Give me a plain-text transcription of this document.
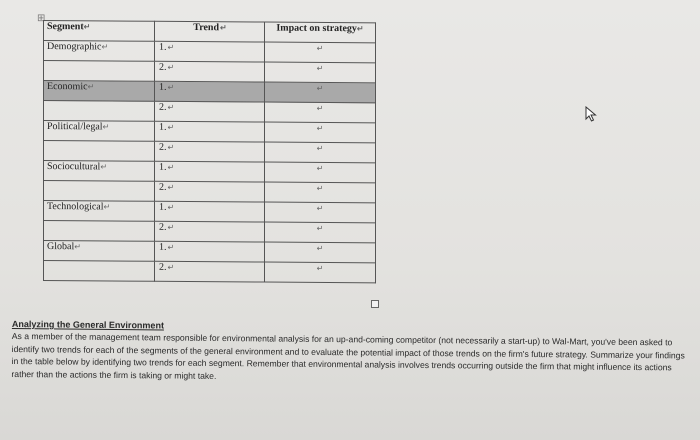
⊞
Segment↵	Trend↵	Impact on strategy↵
Demographic↵	1.↵	↵
	2.↵	↵
Economic↵	1.↵	↵
	2.↵	↵
Political/legal↵	1.↵	↵
	2.↵	↵
Sociocultural↵	1.↵	↵
	2.↵	↵
Technological↵	1.↵	↵
	2.↵	↵
Global↵	1.↵	↵
	2.↵	↵

Analyzing the General Environment

As a member of the management team responsible for environmental analysis for an up-and-coming competitor (not necessarily a start-up) to Wal-Mart, you've been asked to identify two trends for each of the segments of the general environment and to evaluate the potential impact of those trends on the firm's future strategy. Summarize your findings in the table below by identifying two trends for each segment. Remember that environmental analysis involves trends occurring outside the firm that might influence its actions rather than the actions the firm is taking or might take.
